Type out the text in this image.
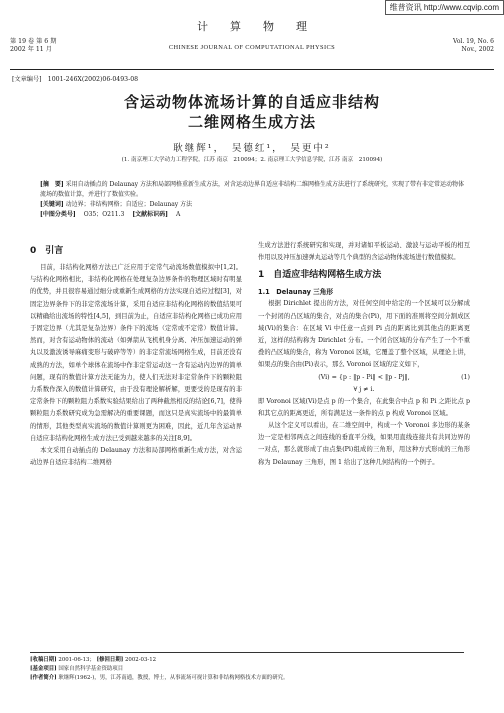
维普资讯 http://www.cqvip.com
第 19 卷 第 6 期
2002 年 11 月
计算物理
CHINESE JOURNAL OF COMPUTATIONAL PHYSICS
Vol. 19, No. 6
Nov., 2002
[文章编号]　1001-246X(2002)06-0493-08
含运动物体流场计算的自适应非结构
二维网格生成方法
耿继辉¹，　吴德红¹，　吴更中²
(1. 南京理工大学动力工程学院，江苏 南京　210094；2. 南京理工大学信息学院，江苏 南京　210094)
[摘　要] 采用自动插点的 Delaunay 方法和局部网格重新生成方法，对含运动边界自适应非结构二维网格生成方法进行了系统研究，实现了带有非定常运动物体流场的数值计算，并进行了数值实验。
[关键词] 动边界；非结构网格；自适应；Delaunay 方法
[中图分类号] O35；O211.3 [文献标识码] A
0　引言

目前，非结构化网格方法已广泛应用于定常气动流场数值模拟中[1,2]。与结构化网格相比，非结构化网格在处理复杂边界条件的物理区域时有明显的优势，并且很容易通过细分或重新生成网格的方法实现自适应过程[3]，对固定边界条件下的非定常流场计算，采用自适应非结构化网格的数值结果可以精确给出流场的特性[4,5]，到目前为止，自适应非结构化网格已成功应用于固定边界（尤其是复杂边界）条件下的流场（定常或不定常）数值计算。然而，对含有运动物体的流动（如弹箭从飞机机身分离、冲压加速运动的弹丸以及激波诱导麻痛变形与破碎等等）的非定常流场网格生成，目前还没有成熟的方法，如单个球体在流场中作非定常运动这一含有运动内边界的简单问题，现有的数值计算方法无能为力，使人们无法对非定常条件下的颗粒阻力系数作深入的数值计算研究，由于没有理论解析解，更要受的是现有的非定常条件下的颗粒阻力系数实验结果给出了两种截然相反的结论[6,7]，使得颗粒阻力系数研究成为急需解决的重要课题，而这只是真实流场中的最简单的情形，其他类型真实流场的数值计算则更为困难，因此，近几年含运动界自适应非结构化网格生成方法已受到越来越多的关注[8,9]。

本文采用自动插点的 Delaunay 方法和局部网格重新生成方法，对含运动边界自适应非结构二维网格

生成方法进行系统研究和实现，并对诸如平板运动、激波与运动平板的相互作用以及冲压加速弹丸运动等几个典型的含运动物体流场进行数值模拟。

1　自适应非结构网格生成方法
1.1　Delaunay 三角形

根据 Dirichlet 提出的方法，对任何空间中给定的一个区域可以分解成一个封闭的凸区域的集合，对点的集合(Pi)，用下面的准则将空间分割成区域(Vi)的集合：在区域 Vi 中任意一点到 Pi 点的距离比到其他点的距离更近，这样的结构称为 Dirichlet 分布。一个闭合区域的分布产生了一个不重叠的凸区域的集合，称为 Voronoi 区域，它覆盖了整个区域，从理论上讲，如果点的集合由(Pi)表示，那么 Voronoi 区域的定义如下，

(Vi) = {p : ‖p - Pi‖ < ‖p - Pj‖,
∀ j ≠ i.
(1)

即 Voronoi 区域(Vi)是点 p 的一个集合，在此集合中点 p 和 Pi 之距比点 p 和其它点的距离更近，所有满足这一条件的点 p 构成 Voronoi 区域。

从这个定义可以看出，在二维空间中，构成一个 Voronoi 多边形的某条边一定是相邻两点之间连线的垂直平分线，如果用直线连接共有共同边界的一对点，那么就形成了由点集(Pi)组成的三角形，用这种方式形成的三角形称为 Delaunay 三角形，图 1 给出了这种几何结构的一个例子。

[收稿日期] 2001-06-13； [修回日期] 2002-03-12
[基金项目] 国家自然科学基金资助项目
[作者简介] 耿继辉(1962-)，男，江苏南通，教授，博士，从事流场可视计算和非结构网格技术方面的研究。
